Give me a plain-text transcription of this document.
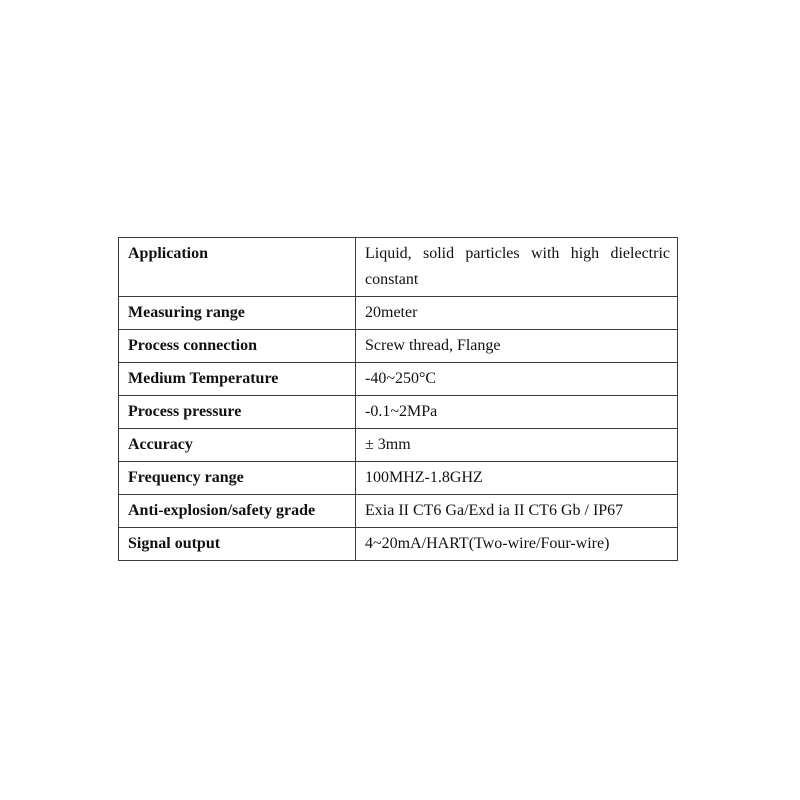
Application	Liquid, solid particles with high dielectric constant
Measuring range	20meter
Process connection	Screw thread, Flange
Medium Temperature	-40~250°C
Process pressure	-0.1~2MPa
Accuracy	± 3mm
Frequency range	100MHZ-1.8GHZ
Anti-explosion/safety grade	Exia II CT6 Ga/Exd ia II CT6 Gb / IP67
Signal output	4~20mA/HART(Two-wire/Four-wire)
